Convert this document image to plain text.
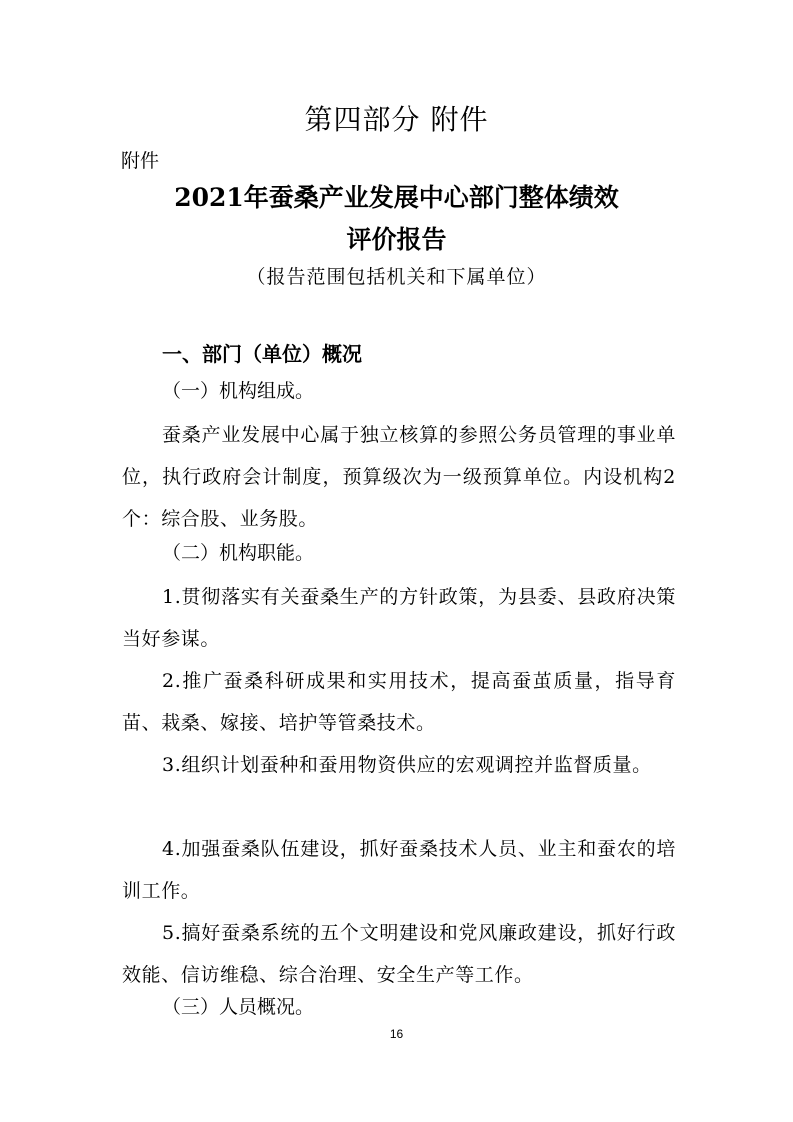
第四部分 附件
附件
2021年蚕桑产业发展中心部门整体绩效
评价报告
（报告范围包括机关和下属单位）
一、部门（单位）概况
（一）机构组成。
蚕桑产业发展中心属于独立核算的参照公务员管理的事业单位，执行政府会计制度，预算级次为一级预算单位。内设机构2个：综合股、业务股。
（二）机构职能。
1.贯彻落实有关蚕桑生产的方针政策，为县委、县政府决策当好参谋。
2.推广蚕桑科研成果和实用技术，提高蚕茧质量，指导育苗、栽桑、嫁接、培护等管桑技术。
3.组织计划蚕种和蚕用物资供应的宏观调控并监督质量。
4.加强蚕桑队伍建设，抓好蚕桑技术人员、业主和蚕农的培训工作。
5.搞好蚕桑系统的五个文明建设和党风廉政建设，抓好行政效能、信访维稳、综合治理、安全生产等工作。
（三）人员概况。
16
